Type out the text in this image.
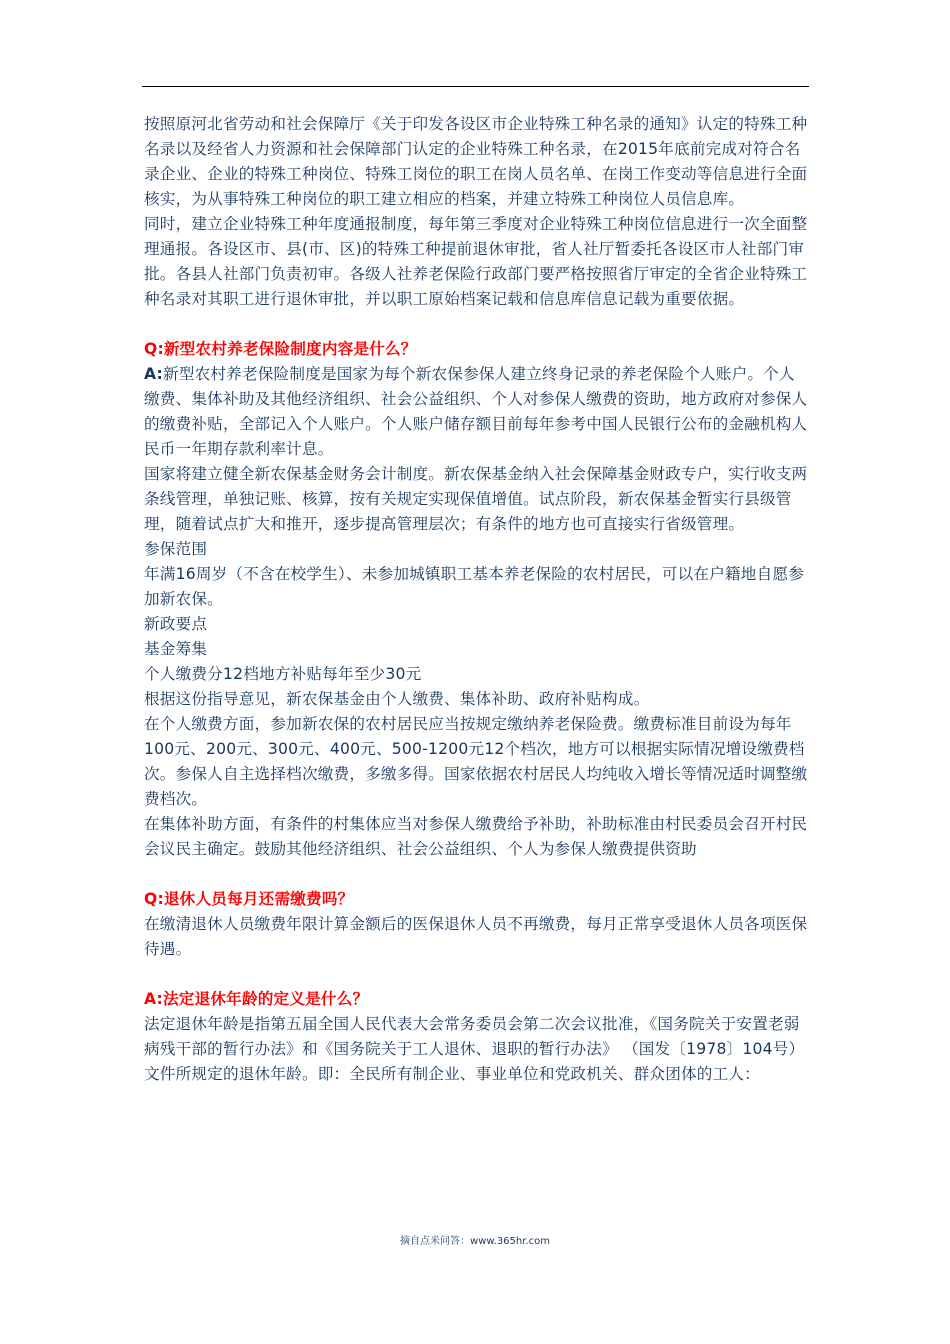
按照原河北省劳动和社会保障厅《关于印发各设区市企业特殊工种名录的通知》认定的特殊工种名录以及经省人力资源和社会保障部门认定的企业特殊工种名录，在2015年底前完成对符合名录企业、企业的特殊工种岗位、特殊工岗位的职工在岗人员名单、在岗工作变动等信息进行全面核实，为从事特殊工种岗位的职工建立相应的档案，并建立特殊工种岗位人员信息库。

同时，建立企业特殊工种年度通报制度，每年第三季度对企业特殊工种岗位信息进行一次全面整理通报。各设区市、县(市、区)的特殊工种提前退休审批，省人社厅暂委托各设区市人社部门审批。各县人社部门负责初审。各级人社养老保险行政部门要严格按照省厅审定的全省企业特殊工种名录对其职工进行退休审批，并以职工原始档案记载和信息库信息记载为重要依据。

Q:新型农村养老保险制度内容是什么？

A:新型农村养老保险制度是国家为每个新农保参保人建立终身记录的养老保险个人账户。个人缴费、集体补助及其他经济组织、社会公益组织、个人对参保人缴费的资助，地方政府对参保人的缴费补贴，全部记入个人账户。个人账户储存额目前每年参考中国人民银行公布的金融机构人民币一年期存款利率计息。

国家将建立健全新农保基金财务会计制度。新农保基金纳入社会保障基金财政专户，实行收支两条线管理，单独记账、核算，按有关规定实现保值增值。试点阶段，新农保基金暂实行县级管理，随着试点扩大和推开，逐步提高管理层次；有条件的地方也可直接实行省级管理。

参保范围

年满16周岁（不含在校学生）、未参加城镇职工基本养老保险的农村居民，可以在户籍地自愿参加新农保。

新政要点

基金筹集

个人缴费分12档地方补贴每年至少30元

根据这份指导意见，新农保基金由个人缴费、集体补助、政府补贴构成。

在个人缴费方面，参加新农保的农村居民应当按规定缴纳养老保险费。缴费标准目前设为每年100元、200元、300元、400元、500-1200元12个档次，地方可以根据实际情况增设缴费档次。参保人自主选择档次缴费，多缴多得。国家依据农村居民人均纯收入增长等情况适时调整缴费档次。

在集体补助方面，有条件的村集体应当对参保人缴费给予补助，补助标准由村民委员会召开村民会议民主确定。鼓励其他经济组织、社会公益组织、个人为参保人缴费提供资助

Q:退休人员每月还需缴费吗？

在缴清退休人员缴费年限计算金额后的医保退休人员不再缴费，每月正常享受退休人员各项医保待遇。

A:法定退休年龄的定义是什么？

法定退休年龄是指第五届全国人民代表大会常务委员会第二次会议批准，《国务院关于安置老弱病残干部的暂行办法》和《国务院关于工人退休、退职的暂行办法》 （国发〔1978〕104号）文件所规定的退休年龄。即：全民所有制企业、事业单位和党政机关、群众团体的工人：

摘自点米问答：www.365hr.com
